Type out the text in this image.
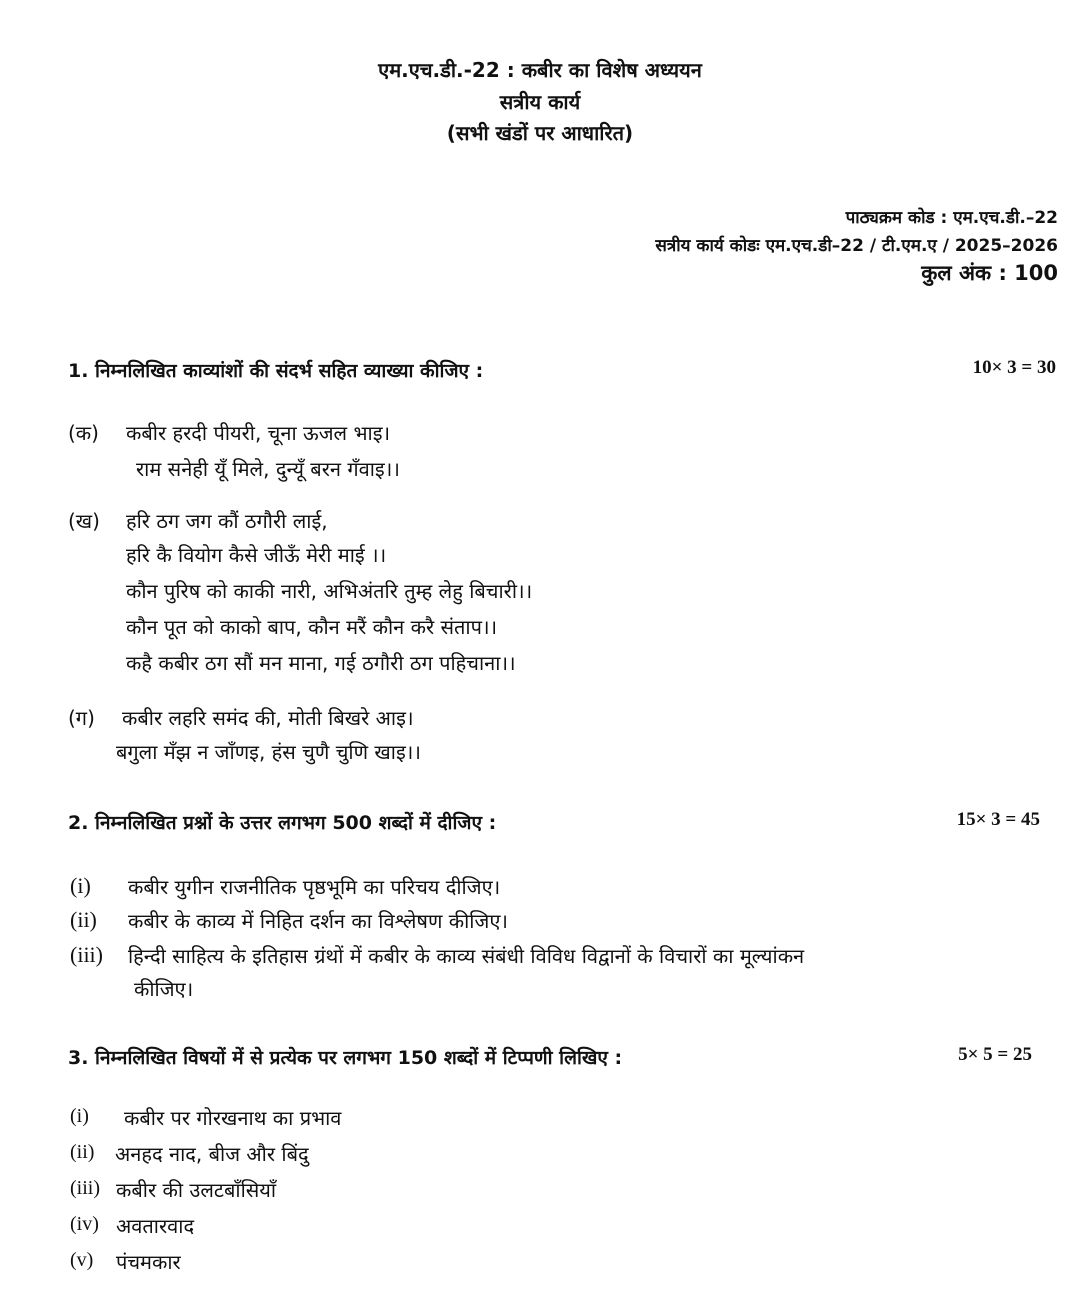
एम.एच.डी.-22 : कबीर का विशेष अध्ययन
सत्रीय कार्य
(सभी खंडों पर आधारित)
पाठ्यक्रम कोड : एम.एच.डी.–22
सत्रीय कार्य कोडः एम.एच.डी–22 / टी.एम.ए / 2025–2026
कुल अंक : 100
1. निम्नलिखित काव्यांशों की संदर्भ सहित व्याख्या कीजिए :	10× 3 = 30
(क) कबीर हरदी पीयरी, चूना ऊजल भाइ।
राम सनेही यूँ मिले, दुन्यूँ बरन गँवाइ।।
(ख) हरि ठग जग कौं ठगौरी लाई,
हरि कै वियोग कैसे जीऊँ मेरी माई ।।
कौन पुरिष को काकी नारी, अभिअंतरि तुम्ह लेहु बिचारी।।
कौन पूत को काको बाप, कौन मरैं कौन करै संताप।।
कहै कबीर ठग सौं मन माना, गई ठगौरी ठग पहिचाना।।
(ग) कबीर लहरि समंद की, मोती बिखरे आइ।
बगुला मँझ न जाँणइ, हंस चुणै चुणि खाइ।।
2. निम्नलिखित प्रश्नों के उत्तर लगभग 500 शब्दों में दीजिए :	15× 3 = 45
(i) कबीर युगीन राजनीतिक पृष्ठभूमि का परिचय दीजिए।
(ii) कबीर के काव्य में निहित दर्शन का विश्लेषण कीजिए।
(iii) हिन्दी साहित्य के इतिहास ग्रंथों में कबीर के काव्य संबंधी विविध विद्वानों के विचारों का मूल्यांकन
कीजिए।
3. निम्नलिखित विषयों में से प्रत्येक पर लगभग 150 शब्दों में टिप्पणी लिखिए :	5× 5 = 25
(i) कबीर पर गोरखनाथ का प्रभाव
(ii) अनहद नाद, बीज और बिंदु
(iii) कबीर की उलटबाँसियाँ
(iv) अवतारवाद
(v) पंचमकार
